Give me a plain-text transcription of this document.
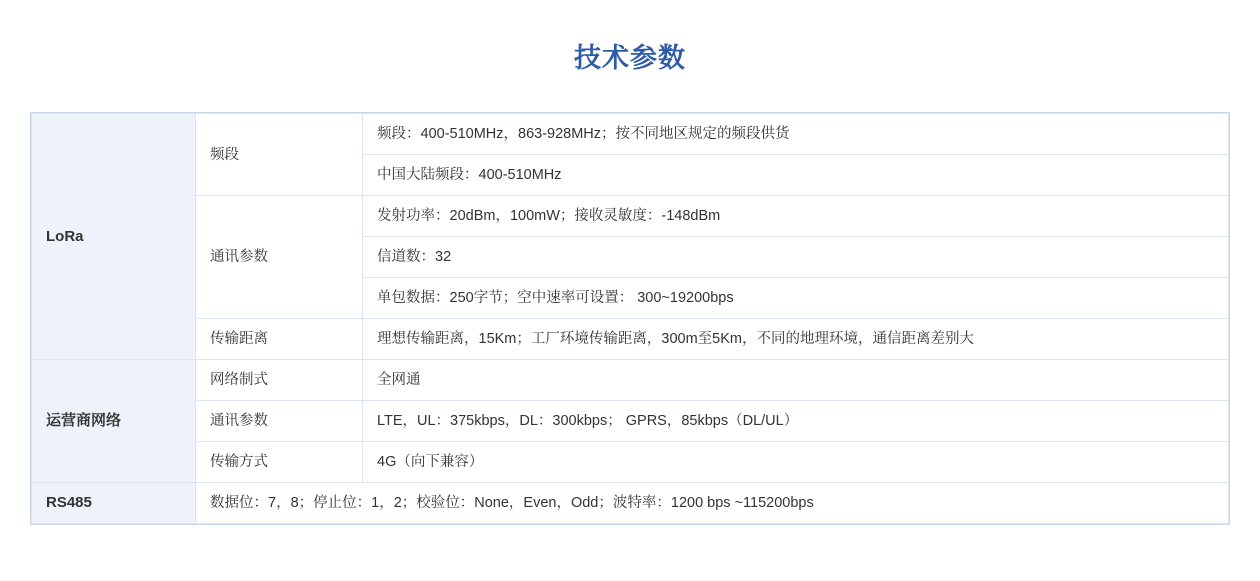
技术参数
LoRa	频段	频段：400-510MHz，863-928MHz；按不同地区规定的频段供货
		中国大陆频段：400-510MHz
	通讯参数	发射功率：20dBm，100mW；接收灵敏度：-148dBm
		信道数：32
		单包数据：250字节；空中速率可设置： 300~19200bps
	传输距离	理想传输距离，15Km；工厂环境传输距离，300m至5Km，不同的地理环境，通信距离差别大
运营商网络	网络制式	全网通
	通讯参数	LTE，UL：375kbps，DL：300kbps； GPRS，85kbps（DL/UL）
	传输方式	4G（向下兼容）
RS485	数据位：7，8；停止位：1，2；校验位：None，Even，Odd；波特率：1200 bps ~115200bps	
